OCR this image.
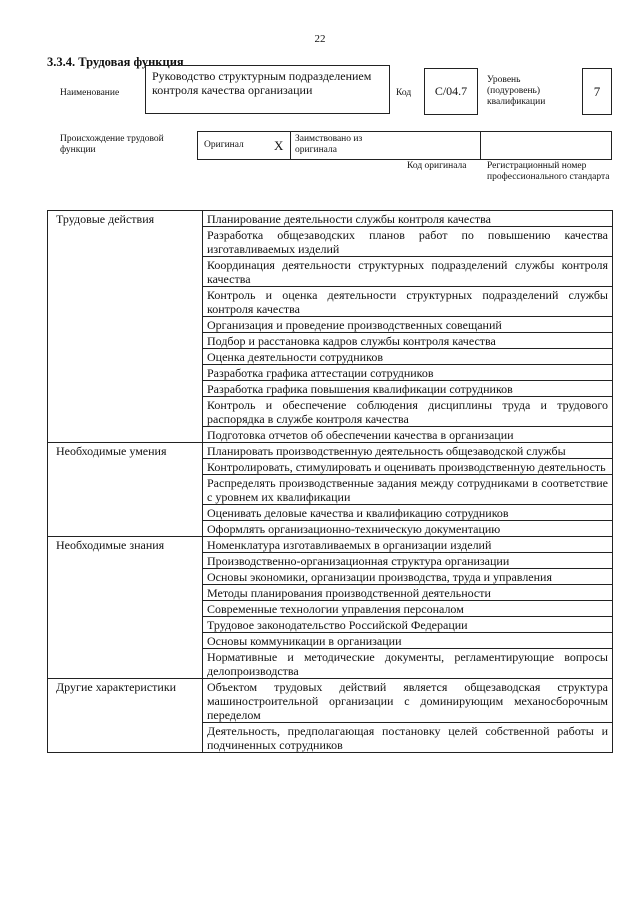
22
3.3.4. Трудовая функция
Наименование
Руководство структурным подразделением контроля качества организации	Код С/04.7
Уровень (подуровень) квалификации
7
Происхождение трудовой функции	Оригинал X Заимствовано из оригинала
Код оригинала Регистрационный номер профессионального стандарта
Трудовые действия	Планирование деятельности службы контроля качества
	Разработка общезаводских планов работ по повышению качества изготавливаемых изделий
	Координация деятельности структурных подразделений службы контроля качества
	Контроль и оценка деятельности структурных подразделений службы контроля качества
	Организация и проведение производственных совещаний
	Подбор и расстановка кадров службы контроля качества
	Оценка деятельности сотрудников
	Разработка графика аттестации сотрудников
	Разработка графика повышения квалификации сотрудников
	Контроль и обеспечение соблюдения дисциплины труда и трудового распорядка в службе контроля качества
	Подготовка отчетов об обеспечении качества в организации
Необходимые умения	Планировать производственную деятельность общезаводской службы
	Контролировать, стимулировать и оценивать производственную деятельность
	Распределять производственные задания между сотрудниками в соответствие с уровнем их квалификации
	Оценивать деловые качества и квалификацию сотрудников
	Оформлять организационно-техническую документацию
Необходимые знания	Номенклатура изготавливаемых в организации изделий
	Производственно-организационная структура организации
	Основы экономики, организации производства, труда и управления
	Методы планирования производственной деятельности
	Современные технологии управления персоналом
	Трудовое законодательство Российской Федерации
	Основы коммуникации в организации
	Нормативные и методические документы, регламентирующие вопросы делопроизводства
Другие характеристики	Объектом трудовых действий является общезаводская структура машиностроительной организации с доминирующим механосборочным переделом
	Деятельность, предполагающая постановку целей собственной работы и подчиненных сотрудников
